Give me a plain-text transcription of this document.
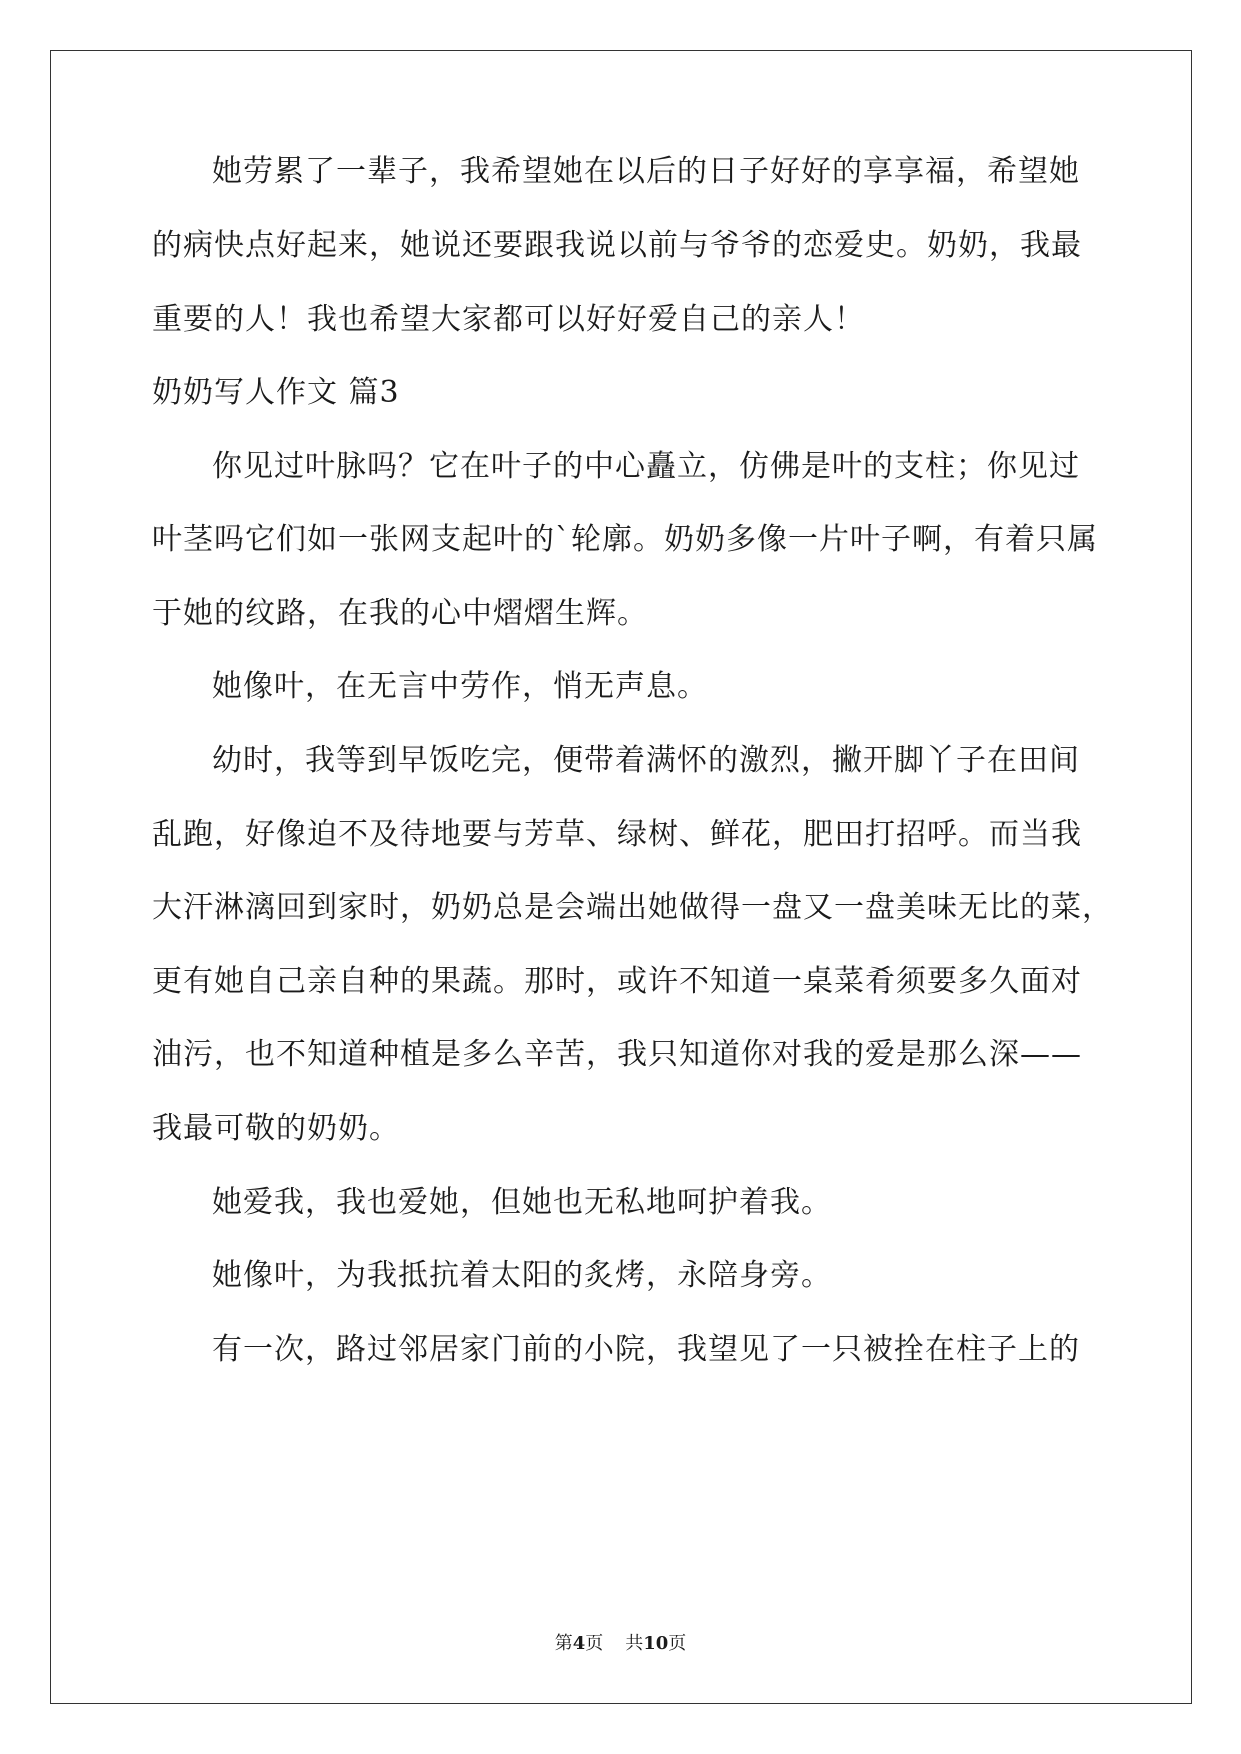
她劳累了一辈子，我希望她在以后的日子好好的享享福，希望她
的病快点好起来，她说还要跟我说以前与爷爷的恋爱史。奶奶，我最
重要的人！我也希望大家都可以好好爱自己的亲人！
奶奶写人作文 篇3
你见过叶脉吗？它在叶子的中心矗立，仿佛是叶的支柱；你见过
叶茎吗它们如一张网支起叶的`轮廓。奶奶多像一片叶子啊，有着只属
于她的纹路，在我的心中熠熠生辉。
她像叶，在无言中劳作，悄无声息。
幼时，我等到早饭吃完，便带着满怀的激烈，撇开脚丫子在田间
乱跑，好像迫不及待地要与芳草、绿树、鲜花，肥田打招呼。而当我
大汗淋漓回到家时，奶奶总是会端出她做得一盘又一盘美味无比的菜，
更有她自己亲自种的果蔬。那时，或许不知道一桌菜肴须要多久面对
油污，也不知道种植是多么辛苦，我只知道你对我的爱是那么深——
我最可敬的奶奶。
她爱我，我也爱她，但她也无私地呵护着我。
她像叶，为我抵抗着太阳的炙烤，永陪身旁。
有一次，路过邻居家门前的小院，我望见了一只被拴在柱子上的
第4页 共10页
